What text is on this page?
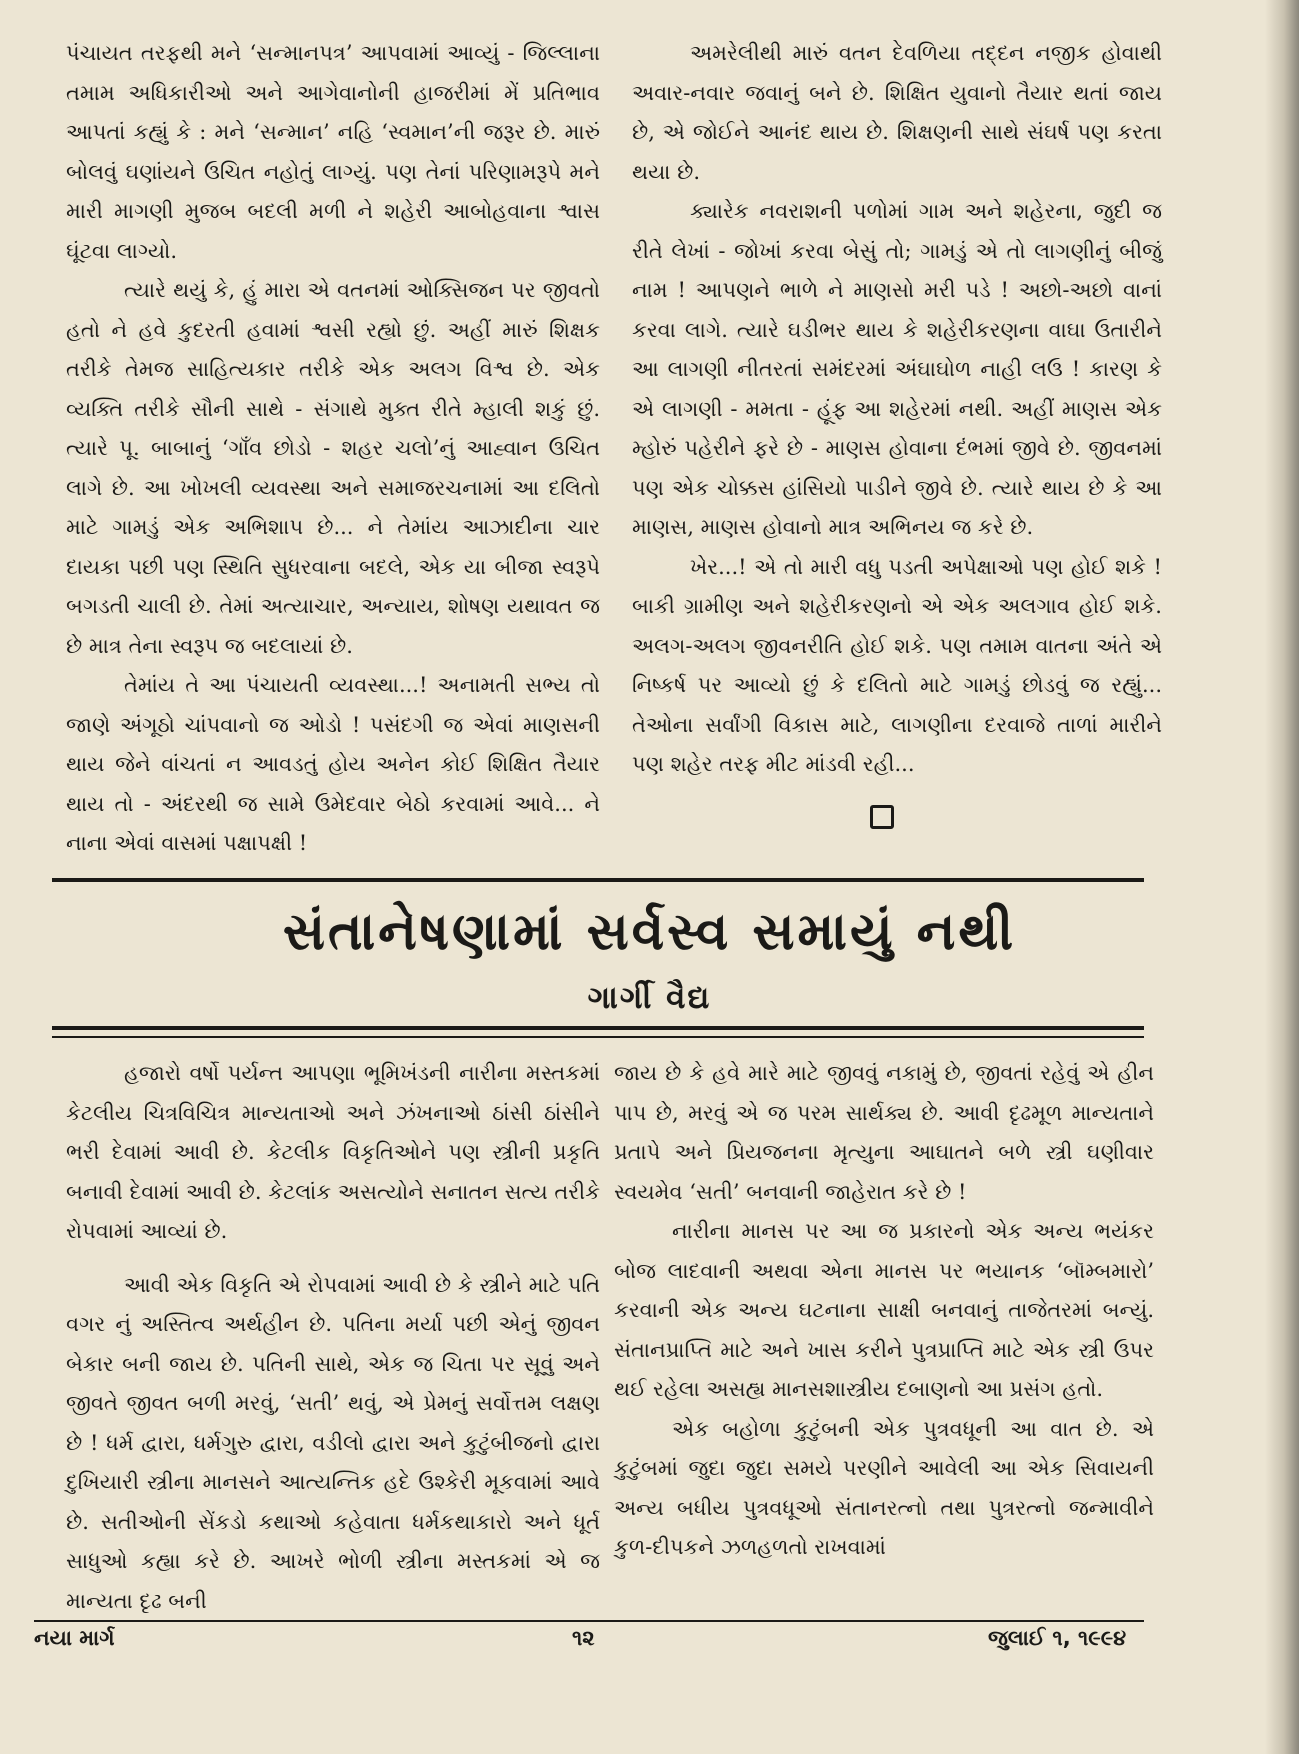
પંચાયત તરફથી મને ‘સન્માનપત્ર’ આપવામાં આવ્યું - જિલ્લાના તમામ અધિકારીઓ અને આગેવાનોની હાજરીમાં મેં પ્રતિભાવ આપતાં કહ્યું કે : મને ‘સન્માન’ નહિ ‘સ્વમાન’ની જરૂર છે. મારું બોલવું ઘણાંયને ઉચિત નહોતું લાગ્યું. પણ તેનાં પરિણામરૂપે મને મારી માગણી મુજબ બદલી મળી ને શહેરી આબોહવાના શ્વાસ ઘૂંટવા લાગ્યો.

ત્યારે થયું કે, હું મારા એ વતનમાં ઓક્સિજન પર જીવતો હતો ને હવે કુદરતી હવામાં શ્વસી રહ્યો છું. અહીં મારું શિક્ષક તરીકે તેમજ સાહિત્યકાર તરીકે એક અલગ વિશ્વ છે. એક વ્યક્તિ તરીકે સૌની સાથે - સંગાથે મુક્ત રીતે મ્હાલી શકું છું. ત્યારે પૂ. બાબાનું ‘ગાઁવ છોડો - શહર ચલો’નું આહ્વાન ઉચિત લાગે છે. આ ખોખલી વ્યવસ્થા અને સમાજરચનામાં આ દલિતો માટે ગામડું એક અભિશાપ છે... ને તેમાંય આઝાદીના ચાર દાયકા પછી પણ સ્થિતિ સુધરવાના બદલે, એક યા બીજા સ્વરૂપે બગડતી ચાલી છે. તેમાં અત્યાચાર, અન્યાય, શોષણ યથાવત જ છે માત્ર તેના સ્વરૂપ જ બદલાયાં છે.

તેમાંય તે આ પંચાયતી વ્યવસ્થા...! અનામતી સભ્ય તો જાણે અંગૂઠો ચાંપવાનો જ ઓડો ! પસંદગી જ એવાં માણસની થાય જેને વાંચતાં ન આવડતું હોય અનેન કોઈ શિક્ષિત તૈયાર થાય તો - અંદરથી જ સામે ઉમેદવાર બેઠો કરવામાં આવે... ને નાના એવાં વાસમાં પક્ષાપક્ષી !

અમરેલીથી મારું વતન દેવળિયા તદ્દન નજીક હોવાથી અવાર-નવાર જવાનું બને છે. શિક્ષિત યુવાનો તૈયાર થતાં જાય છે, એ જોઈને આનંદ થાય છે. શિક્ષણની સાથે સંઘર્ષ પણ કરતા થયા છે.

ક્યારેક નવરાશની પળોમાં ગામ અને શહેરના, જુદી જ રીતે લેખાં - જોખાં કરવા બેસું તો; ગામડું એ તો લાગણીનું બીજું નામ ! આપણને ભાળે ને માણસો મરી પડે ! અછો-અછો વાનાં કરવા લાગે. ત્યારે ઘડીભર થાય કે શહેરીકરણના વાઘા ઉતારીને આ લાગણી નીતરતાં સમંદરમાં અંઘાઘોળ નાહી લઉ ! કારણ કે એ લાગણી - મમતા - હૂંફ આ શહેરમાં નથી. અહીં માણસ એક મ્હોરું પહેરીને ફરે છે - માણસ હોવાના દંભમાં જીવે છે. જીવનમાં પણ એક ચોક્કસ હાંસિયો પાડીને જીવે છે. ત્યારે થાય છે કે આ માણસ, માણસ હોવાનો માત્ર અભિનય જ કરે છે.

ખેર...! એ તો મારી વધુ પડતી અપેક્ષાઓ પણ હોઈ શકે ! બાકી ગ્રામીણ અને શહેરીકરણનો એ એક અલગાવ હોઈ શકે. અલગ-અલગ જીવનરીતિ હોઈ શકે. પણ તમામ વાતના અંતે એ નિષ્કર્ષ પર આવ્યો છું કે દલિતો માટે ગામડું છોડવું જ રહ્યું... તેઓના સર્વાંગી વિકાસ માટે, લાગણીના દરવાજે તાળાં મારીને પણ શહેર તરફ મીટ માંડવી રહી...

સંતાનેષણામાં સર્વસ્વ સમાયું નથી
ગાર્ગી વૈદ્ય

હજારો વર્ષો પર્યન્ત આપણા ભૂમિખંડની નારીના મસ્તકમાં કેટલીય ચિત્રવિચિત્ર માન્યતાઓ અને ઝંખનાઓ ઠાંસી ઠાંસીને ભરી દેવામાં આવી છે. કેટલીક વિકૃતિઓને પણ સ્ત્રીની પ્રકૃતિ બનાવી દેવામાં આવી છે. કેટલાંક અસત્યોને સનાતન સત્ય તરીકે રોપવામાં આવ્યાં છે.

આવી એક વિકૃતિ એ રોપવામાં આવી છે કે સ્ત્રીને માટે પતિ વગર નું અસ્તિત્વ અર્થહીન છે. પતિના મર્યા પછી એનું જીવન બેકાર બની જાય છે. પતિની સાથે, એક જ ચિતા પર સૂવું અને જીવતે જીવત બળી મરવું, ‘સતી’ થવું, એ પ્રેમનું સર્વોત્તમ લક્ષણ છે ! ધર્મ દ્વારા, ધર્મગુરુ દ્વારા, વડીલો દ્વારા અને કુટુંબીજનો દ્વારા દુખિયારી સ્ત્રીના માનસને આત્યન્તિક હદે ઉશ્કેરી મૂકવામાં આવે છે. સતીઓની સેંકડો કથાઓ કહેવાતા ધર્મકથાકારો અને ધૂર્ત સાધુઓ કહ્યા કરે છે. આખરે ભોળી સ્ત્રીના મસ્તકમાં એ જ માન્યતા દૃઢ બની

જાય છે કે હવે મારે માટે જીવવું નકામું છે, જીવતાં રહેવું એ હીન પાપ છે, મરવું એ જ પરમ સાર્થક્ય છે. આવી દૃઢમૂળ માન્યતાને પ્રતાપે અને પ્રિયજનના મૃત્યુના આઘાતને બળે સ્ત્રી ઘણીવાર સ્વયમેવ ‘સતી’ બનવાની જાહેરાત કરે છે !

નારીના માનસ પર આ જ પ્રકારનો એક અન્ય ભયંકર બોજ લાદવાની અથવા એના માનસ પર ભયાનક ‘બૉમ્બમારો’ કરવાની એક અન્ય ઘટનાના સાક્ષી બનવાનું તાજેતરમાં બન્યું. સંતાનપ્રાપ્તિ માટે અને ખાસ કરીને પુત્રપ્રાપ્તિ માટે એક સ્ત્રી ઉપર થઈ રહેલા અસહ્ય માનસશાસ્ત્રીય દબાણનો આ પ્રસંગ હતો.

એક બહોળા કુટુંબની એક પુત્રવધૂની આ વાત છે. એ કુટુંબમાં જુદા જુદા સમયે પરણીને આવેલી આ એક સિવાયની અન્ય બધીય પુત્રવધૂઓ સંતાનરત્નો તથા પુત્રરત્નો જન્માવીને કુળ-દીપકને ઝળહળતો રાખવામાં

નયા માર્ગ	૧૨	જુલાઈ ૧, ૧૯૯૪
